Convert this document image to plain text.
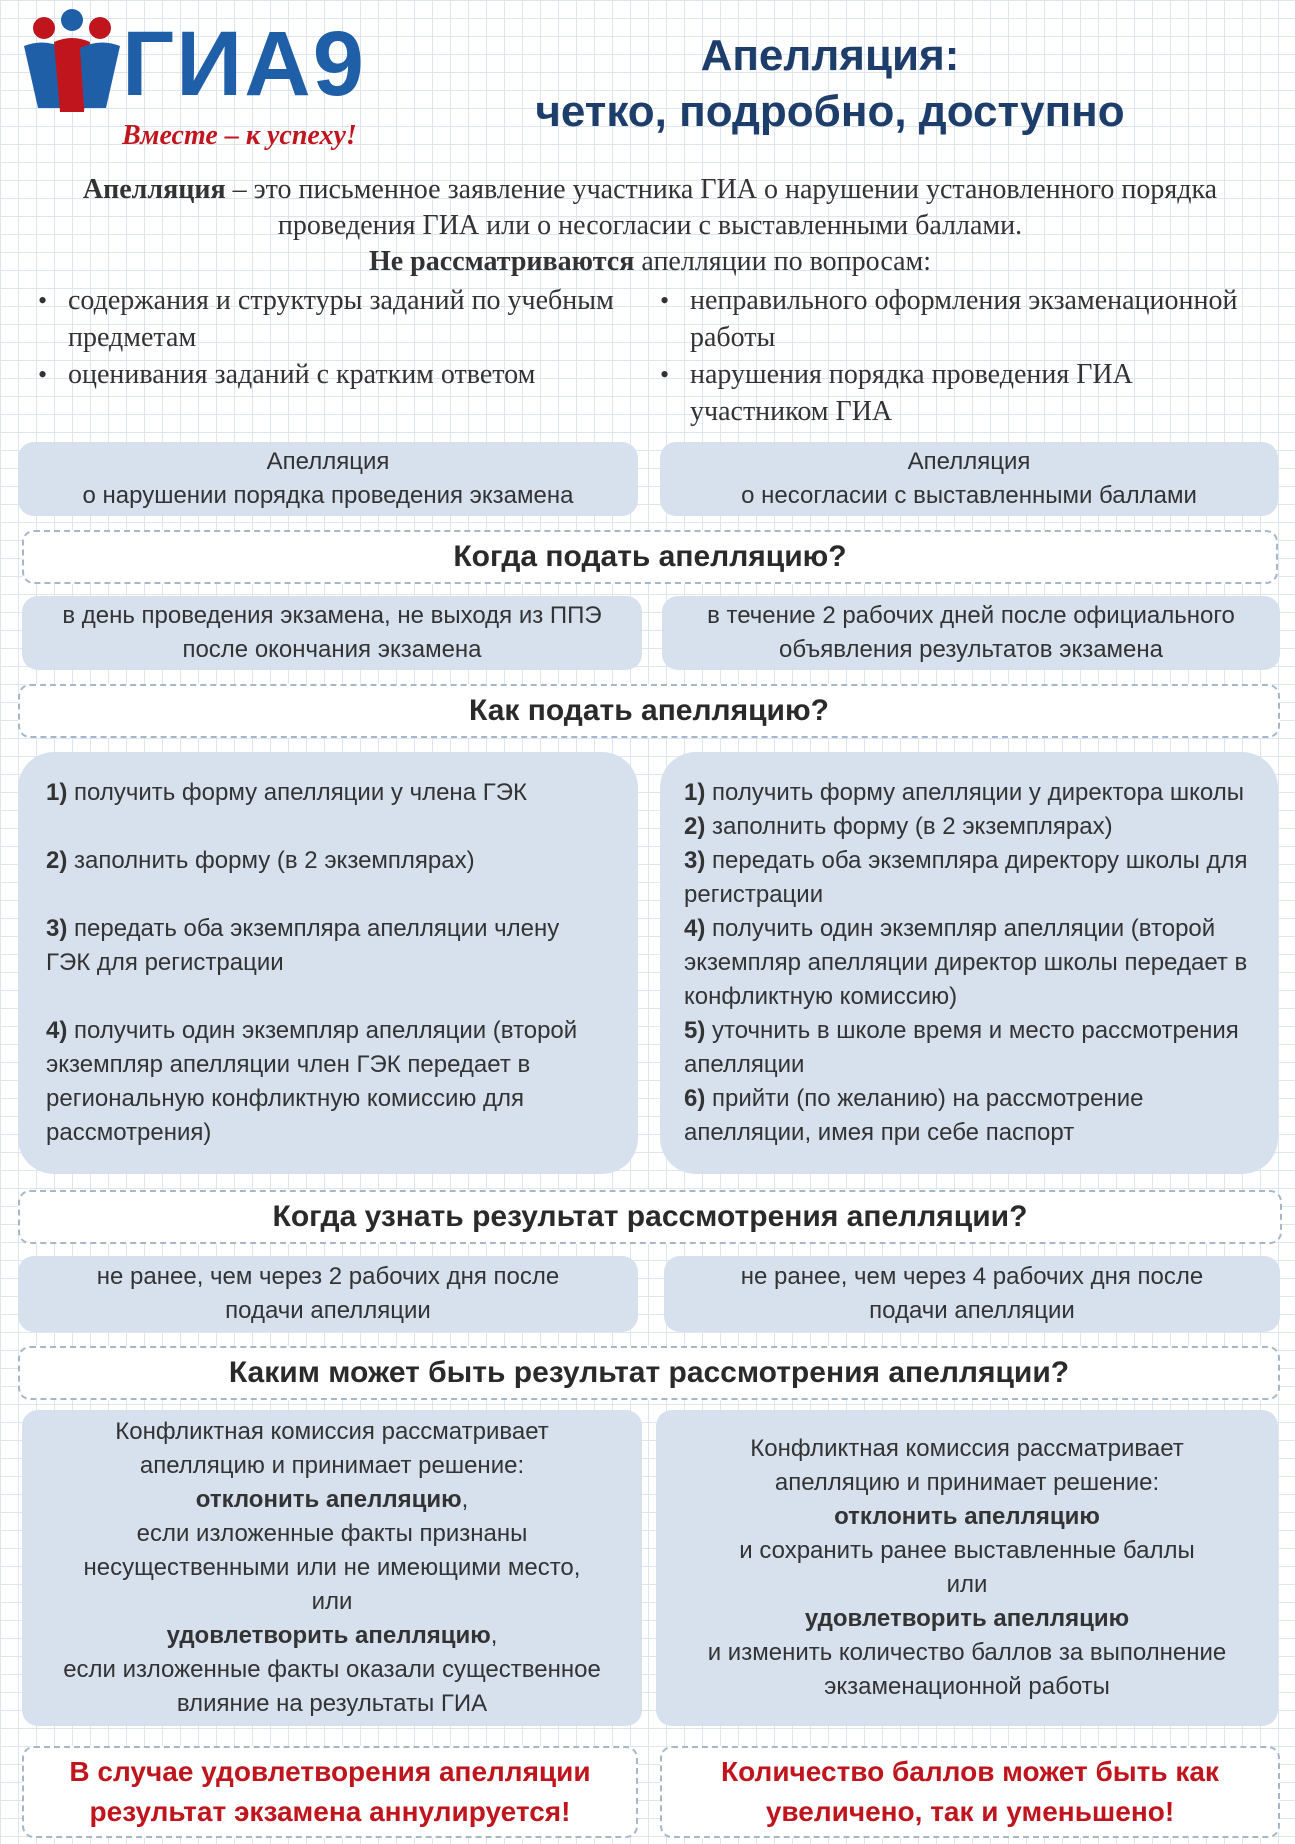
ГИА9
Вместе – к успеху!
Апелляция:
четко, подробно, доступно
Апелляция – это письменное заявление участника ГИА о нарушении установленного порядка проведения ГИА или о несогласии с выставленными баллами.
Не рассматриваются апелляции по вопросам:
• содержания и структуры заданий по учебным предметам
• оценивания заданий с кратким ответом
• неправильного оформления экзаменационной работы
• нарушения порядка проведения ГИА участником ГИА
Апелляция
о нарушении порядка проведения экзамена
Апелляция
о несогласии с выставленными баллами
Когда подать апелляцию?
в день проведения экзамена, не выходя из ППЭ после окончания экзамена
в течение 2 рабочих дней после официального объявления результатов экзамена
Как подать апелляцию?

1) получить форму апелляции у члена ГЭК

2) заполнить форму (в 2 экземплярах)

3) передать оба экземпляра апелляции члену ГЭК для регистрации

4) получить один экземпляр апелляции (второй экземпляр апелляции член ГЭК передает в региональную конфликтную комиссию для рассмотрения)

1) получить форму апелляции у директора школы

2) заполнить форму (в 2 экземплярах)

3) передать оба экземпляра директору школы для регистрации

4) получить один экземпляр апелляции (второй экземпляр апелляции директор школы передает в конфликтную комиссию)

5) уточнить в школе время и место рассмотрения апелляции

6) прийти (по желанию) на рассмотрение апелляции, имея при себе паспорт

Когда узнать результат рассмотрения апелляции?
не ранее, чем через 2 рабочих дня после подачи апелляции
не ранее, чем через 4 рабочих дня после подачи апелляции
Каким может быть результат рассмотрения апелляции?
Конфликтная комиссия рассматривает апелляцию и принимает решение:
отклонить апелляцию,
если изложенные факты признаны несущественными или не имеющими место,
или
удовлетворить апелляцию,
если изложенные факты оказали существенное влияние на результаты ГИА
Конфликтная комиссия рассматривает апелляцию и принимает решение:
отклонить апелляцию
и сохранить ранее выставленные баллы
или
удовлетворить апелляцию
и изменить количество баллов за выполнение экзаменационной работы
В случае удовлетворения апелляции
результат экзамена аннулируется!
Количество баллов может быть как
увеличено, так и уменьшено!
